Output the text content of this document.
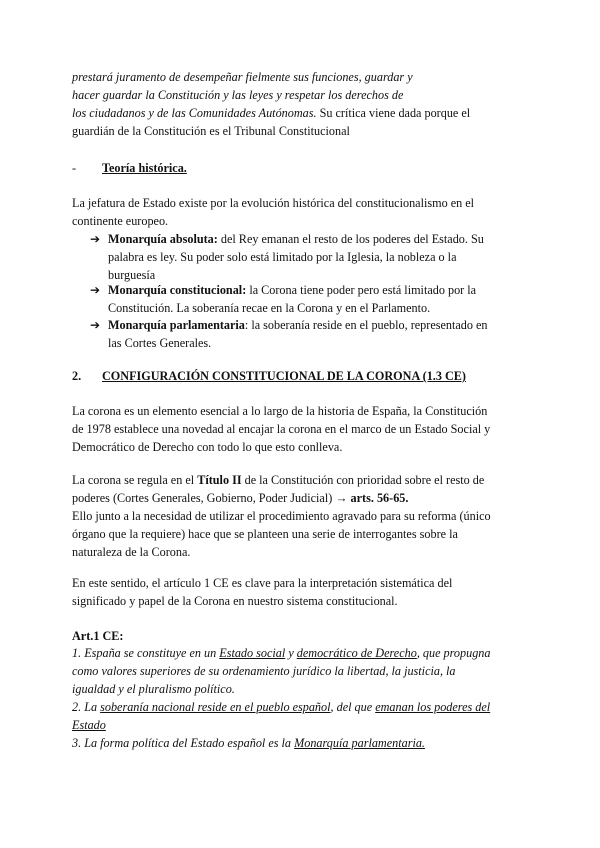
prestará juramento de desempeñar fielmente sus funciones, guardar y
hacer guardar la Constitución y las leyes y respetar los derechos de
los ciudadanos y de las Comunidades Autónomas. Su crítica viene dada porque el
guardián de la Constitución es el Tribunal Constitucional
-	Teoría histórica.
La jefatura de Estado existe por la evolución histórica del constitucionalismo en el
continente europeo.
➔ Monarquía absoluta: del Rey emanan el resto de los poderes del Estado. Su
palabra es ley. Su poder solo está limitado por la Iglesia, la nobleza o la
burguesía
➔ Monarquía constitucional: la Corona tiene poder pero está limitado por la
Constitución. La soberanía recae en la Corona y en el Parlamento.
➔ Monarquía parlamentaria: la soberanía reside en el pueblo, representado en
las Cortes Generales.
2.	CONFIGURACIÓN CONSTITUCIONAL DE LA CORONA (1.3 CE)
La corona es un elemento esencial a lo largo de la historia de España, la Constitución
de 1978 establece una novedad al encajar la corona en el marco de un Estado Social y
Democrático de Derecho con todo lo que esto conlleva.
La corona se regula en el Título II de la Constitución con prioridad sobre el resto de
poderes (Cortes Generales, Gobierno, Poder Judicial) → arts. 56-65.
Ello junto a la necesidad de utilizar el procedimiento agravado para su reforma (único
órgano que la requiere) hace que se planteen una serie de interrogantes sobre la
naturaleza de la Corona.
En este sentido, el artículo 1 CE es clave para la interpretación sistemática del
significado y papel de la Corona en nuestro sistema constitucional.
Art.1 CE:
1. España se constituye en un Estado social y democrático de Derecho, que propugna
como valores superiores de su ordenamiento jurídico la libertad, la justicia, la
igualdad y el pluralismo político.
2. La soberanía nacional reside en el pueblo español, del que emanan los poderes del
Estado
3. La forma política del Estado español es la Monarquía parlamentaria.
